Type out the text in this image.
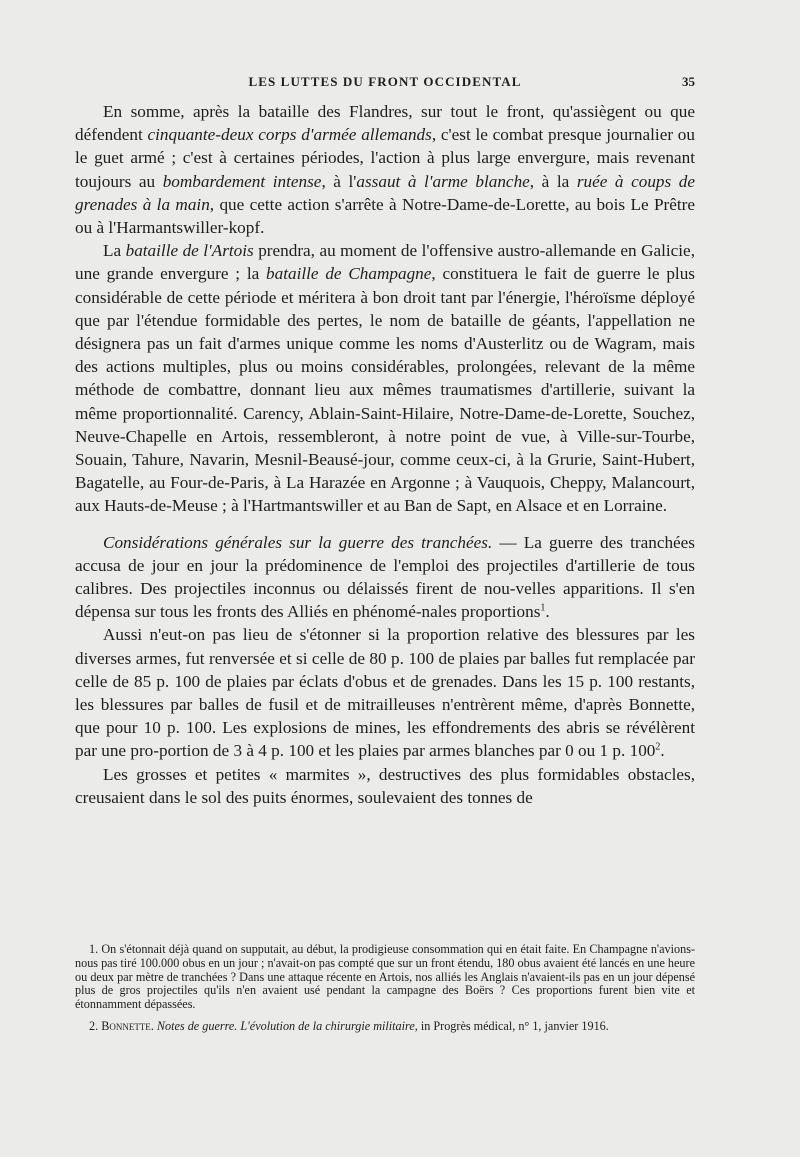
LES LUTTES DU FRONT OCCIDENTAL	35

En somme, après la bataille des Flandres, sur tout le front, qu'assiègent ou que défendent cinquante-deux corps d'armée allemands, c'est le combat presque journalier ou le guet armé ; c'est à certaines périodes, l'action à plus large envergure, mais revenant toujours au bombardement intense, à l'assaut à l'arme blanche, à la ruée à coups de grenades à la main, que cette action s'arrête à Notre-Dame-de-Lorette, au bois Le Prêtre ou à l'Harmantswiller-kopf.

La bataille de l'Artois prendra, au moment de l'offensive austro-allemande en Galicie, une grande envergure ; la bataille de Champagne, constituera le fait de guerre le plus considérable de cette période et méritera à bon droit tant par l'énergie, l'héroïsme déployé que par l'étendue formidable des pertes, le nom de bataille de géants, l'appellation ne désignera pas un fait d'armes unique comme les noms d'Austerlitz ou de Wagram, mais des actions multiples, plus ou moins considérables, prolongées, relevant de la même méthode de combattre, donnant lieu aux mêmes traumatismes d'artillerie, suivant la même proportionnalité. Carency, Ablain-Saint-Hilaire, Notre-Dame-de-Lorette, Souchez, Neuve-Chapelle en Artois, ressembleront, à notre point de vue, à Ville-sur-Tourbe, Souain, Tahure, Navarin, Mesnil-Beausé-jour, comme ceux-ci, à la Grurie, Saint-Hubert, Bagatelle, au Four-de-Paris, à La Harazée en Argonne ; à Vauquois, Cheppy, Malancourt, aux Hauts-de-Meuse ; à l'Hartmantswiller et au Ban de Sapt, en Alsace et en Lorraine.

Considérations générales sur la guerre des tranchées. — La guerre des tranchées accusa de jour en jour la prédominence de l'emploi des projectiles d'artillerie de tous calibres. Des projectiles inconnus ou délaissés firent de nou-velles apparitions. Il s'en dépensa sur tous les fronts des Alliés en phénomé-nales proportions$^1$.

Aussi n'eut-on pas lieu de s'étonner si la proportion relative des blessures par les diverses armes, fut renversée et si celle de 80 p. 100 de plaies par balles fut remplacée par celle de 85 p. 100 de plaies par éclats d'obus et de grenades. Dans les 15 p. 100 restants, les blessures par balles de fusil et de mitrailleuses n'entrèrent même, d'après Bonnette, que pour 10 p. 100. Les explosions de mines, les effondrements des abris se révélèrent par une pro-portion de 3 à 4 p. 100 et les plaies par armes blanches par 0 ou 1 p. $100^2$.

Les grosses et petites « marmites », destructives des plus formidables obstacles, creusaient dans le sol des puits énormes, soulevaient des tonnes de

1. On s'étonnait déjà quand on supputait, au début, la prodigieuse consommation qui en était faite. En Champagne n'avions-nous pas tiré 100.000 obus en un jour ; n'avait-on pas compté que sur un front étendu, 180 obus avaient été lancés en une heure ou deux par mètre de tranchées ? Dans une attaque récente en Artois, nos alliés les Anglais n'avaient-ils pas en un jour dépensé plus de gros projectiles qu'ils n'en avaient usé pendant la campagne des Boërs ? Ces proportions furent bien vite et étonnamment dépassées.

2. Bonnette. Notes de guerre. L'évolution de la chirurgie militaire, in Progrès médical, n° 1, janvier 1916.
